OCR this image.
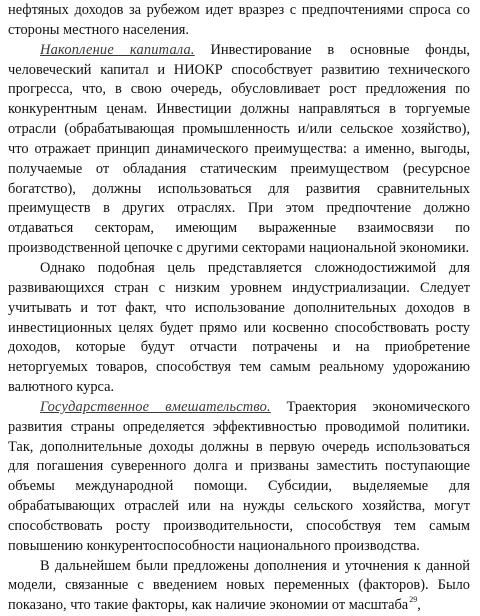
нефтяных доходов за рубежом идет вразрез с предпочтениями спроса со стороны местного населения.

Накопление капитала. Инвестирование в основные фонды, человеческий капитал и НИОКР способствует развитию технического прогресса, что, в свою очередь, обусловливает рост предложения по конкурентным ценам. Инвестиции должны направляться в торгуемые отрасли (обрабатывающая промышленность и/или сельское хозяйство), что отражает принцип динамического преимущества: а именно, выгоды, получаемые от обладания статическим преимуществом (ресурсное богатство), должны использоваться для развития сравнительных преимуществ в других отраслях. При этом предпочтение должно отдаваться секторам, имеющим выраженные взаимосвязи по производственной цепочке с другими секторами национальной экономики.

Однако подобная цель представляется сложнодостижимой для развивающихся стран с низким уровнем индустриализации. Следует учитывать и тот факт, что использование дополнительных доходов в инвестиционных целях будет прямо или косвенно способствовать росту доходов, которые будут отчасти потрачены и на приобретение неторгуемых товаров, способствуя тем самым реальному удорожанию валютного курса.

Государственное вмешательство. Траектория экономического развития страны определяется эффективностью проводимой политики. Так, дополнительные доходы должны в первую очередь использоваться для погашения суверенного долга и призваны заместить поступающие объемы международной помощи. Субсидии, выделяемые для обрабатывающих отраслей или на нужды сельского хозяйства, могут способствовать росту производительности, способствуя тем самым повышению конкурентоспособности национального производства.

В дальнейшем были предложены дополнения и уточнения к данной модели, связанные с введением новых переменных (факторов). Было показано, что такие факторы, как наличие экономии от масштаба$^{29}$,
